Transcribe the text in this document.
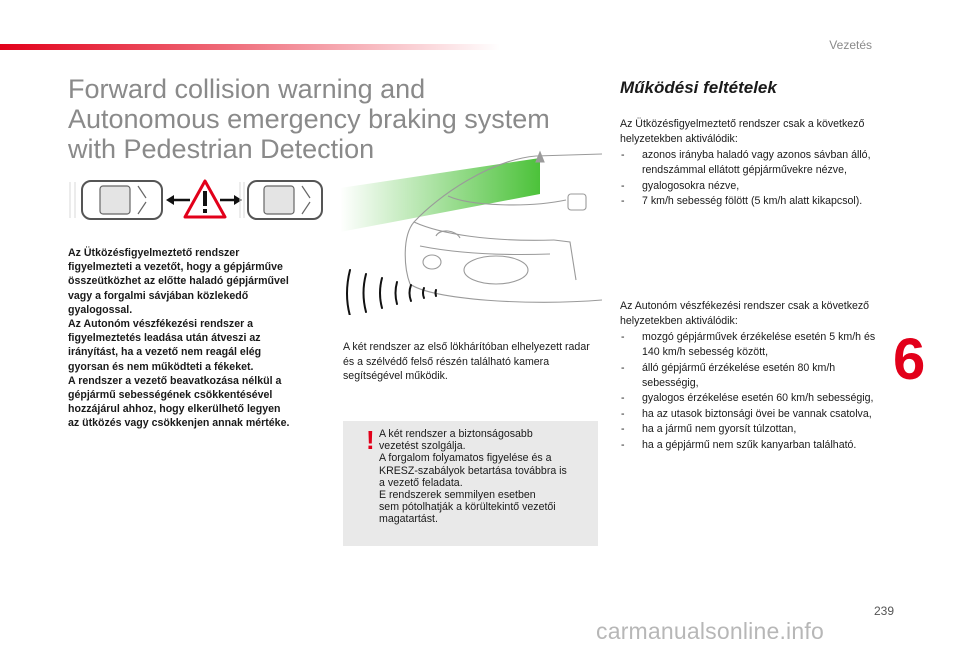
Vezetés
Forward collision warning and
Autonomous emergency braking system
with Pedestrian Detection

Az Ütközésfigyelmeztető rendszer
figyelmezteti a vezetőt, hogy a gépjárműve
összeütközhet az előtte haladó gépjárművel
vagy a forgalmi sávjában közlekedő
gyalogossal.
Az Autonóm vészfékezési rendszer a
figyelmeztetés leadása után átveszi az
irányítást, ha a vezető nem reagál elég
gyorsan és nem működteti a fékeket.
A rendszer a vezető beavatkozása nélkül a
gépjármű sebességének csökkentésével
hozzájárul ahhoz, hogy elkerülhető legyen
az ütközés vagy csökkenjen annak mértéke.

A két rendszer az első lökhárítóban elhelyezett radar és a szélvédő felső részén található kamera segítségével működik.

! A két rendszer a biztonságosabb
vezetést szolgálja.
A forgalom folyamatos figyelése és a
KRESZ-szabályok betartása továbbra is
a vezető feladata.
E rendszerek semmilyen esetben
sem pótolhatják a körültekintő vezetői
magatartást.

Működési feltételek

Az Ütközésfigyelmeztető rendszer csak a következő helyzetekben aktiválódik:

- azonos irányba haladó vagy azonos sávban álló, rendszámmal ellátott gépjárművekre nézve,
- gyalogosokra nézve,
- 7 km/h sebesség fölött (5 km/h alatt kikapcsol).

Az Autonóm vészfékezési rendszer csak a következő helyzetekben aktiválódik:

- mozgó gépjárművek érzékelése esetén 5 km/h és 140 km/h sebesség között,
- álló gépjármű érzékelése esetén 80 km/h sebességig,
- gyalogos érzékelése esetén 60 km/h sebességig,
- ha az utasok biztonsági övei be vannak csatolva,
- ha a jármű nem gyorsít túlzottan,
- ha a gépjármű nem szűk kanyarban található.
6
239
carmanualsonline.info
